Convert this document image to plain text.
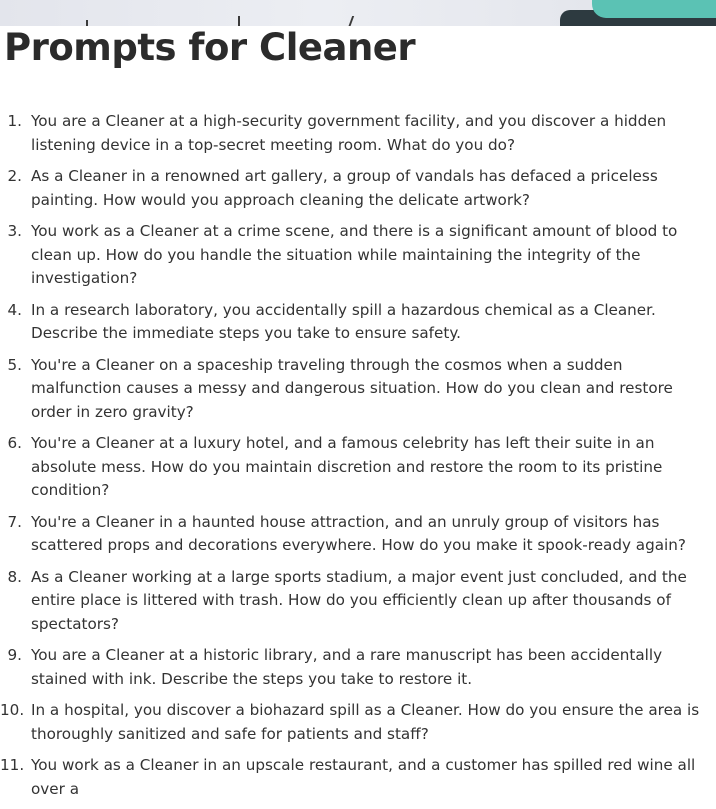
Prompts for Cleaner
1. You are a Cleaner at a high-security government facility, and you discover a hidden listening device in a top-secret meeting room. What do you do?
2. As a Cleaner in a renowned art gallery, a group of vandals has defaced a priceless painting. How would you approach cleaning the delicate artwork?
3. You work as a Cleaner at a crime scene, and there is a significant amount of blood to clean up. How do you handle the situation while maintaining the integrity of the investigation?
4. In a research laboratory, you accidentally spill a hazardous chemical as a Cleaner. Describe the immediate steps you take to ensure safety.
5. You're a Cleaner on a spaceship traveling through the cosmos when a sudden malfunction causes a messy and dangerous situation. How do you clean and restore order in zero gravity?
6. You're a Cleaner at a luxury hotel, and a famous celebrity has left their suite in an absolute mess. How do you maintain discretion and restore the room to its pristine condition?
7. You're a Cleaner in a haunted house attraction, and an unruly group of visitors has scattered props and decorations everywhere. How do you make it spook-ready again?
8. As a Cleaner working at a large sports stadium, a major event just concluded, and the entire place is littered with trash. How do you efficiently clean up after thousands of spectators?
9. You are a Cleaner at a historic library, and a rare manuscript has been accidentally stained with ink. Describe the steps you take to restore it.
10. In a hospital, you discover a biohazard spill as a Cleaner. How do you ensure the area is thoroughly sanitized and safe for patients and staff?
11. You work as a Cleaner in an upscale restaurant, and a customer has spilled red wine all over a
